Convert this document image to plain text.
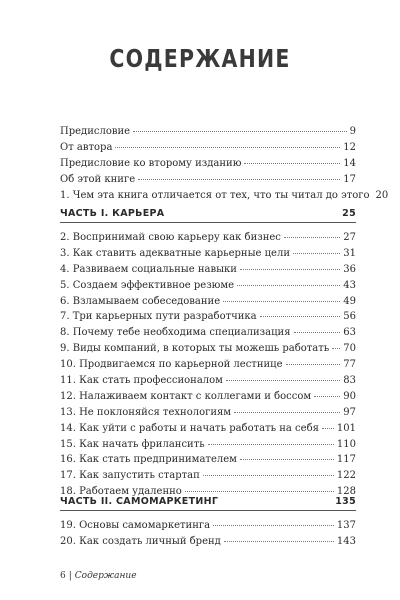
СОДЕРЖАНИЕ
Предисловие	9
От автора	12
Предисловие ко второму изданию	14
Об этой книге	17
1. Чем эта книга отличается от тех, что ты читал до этого 20
ЧАСТЬ I. КАРЬЕРА	25
2. Воспринимай свою карьеру как бизнес	27
3. Как ставить адекватные карьерные цели	31
4. Развиваем социальные навыки	36
5. Создаем эффективное резюме	43
6. Взламываем собеседование	49
7. Три карьерных пути разработчика	56
8. Почему тебе необходима специализация	63
9. Виды компаний, в которых ты можешь работать 70
10. Продвигаемся по карьерной лестнице	77
11. Как стать профессионалом	83
12. Налаживаем контакт с коллегами и боссом	90
13. Не поклоняйся технологиям	97
14. Как уйти с работы и начать работать на себя 101
15. Как начать фрилансить	110
16. Как стать предпринимателем	117
17. Как запустить стартап	122
18. Работаем удаленно	128
ЧАСТЬ II. САМОМАРКЕТИНГ	135
19. Основы самомаркетинга	137
20. Как создать личный бренд	143
6 | Содержание
